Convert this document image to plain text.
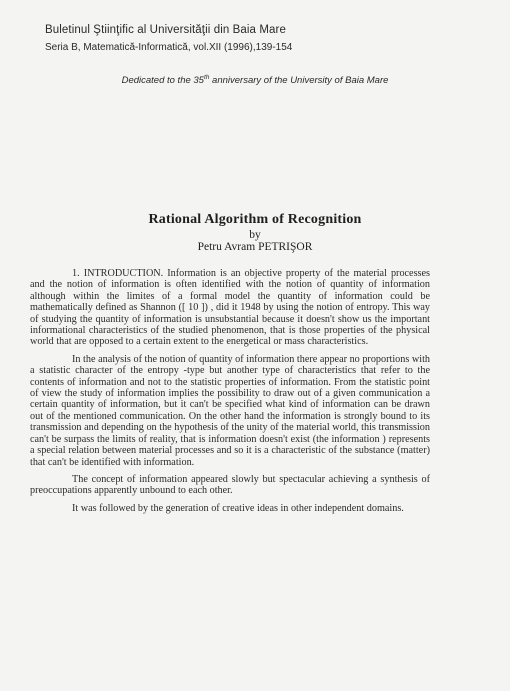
Buletinul Ştiinţific al Universităţii din Baia Mare
Seria B, Matematică-Informatică, vol.XII (1996),139-154
Dedicated to the 35th anniversary of the University of Baia Mare
Rational Algorithm of Recognition
by
Petru Avram PETRIŞOR

1. INTRODUCTION. Information is an objective property of the material processes and the notion of information is often identified with the notion of quantity of information although within the limites of a formal model the quantity of information could be mathematically defined as Shannon ([ 10 ]) , did it 1948 by using the notion of entropy. This way of studying the quantity of information is unsubstantial because it doesn't show us the important informational characteristics of the studied phenomenon, that is those properties of the physical world that are opposed to a certain extent to the energetical or mass characteristics.

In the analysis of the notion of quantity of information there appear no proportions with a statistic character of the entropy -type but another type of characteristics that refer to the contents of information and not to the statistic properties of information. From the statistic point of view the study of information implies the possibility to draw out of a given communication a certain quantity of information, but it can't be specified what kind of information can be drawn out of the mentioned communication. On the other hand the information is strongly bound to its transmission and depending on the hypothesis of the unity of the material world, this transmission can't be surpass the limits of reality, that is information doesn't exist (the information ) represents a special relation between material processes and so it is a characteristic of the substance (matter) that can't be identified with information.

The concept of information appeared slowly but spectacular achieving a synthesis of preoccupations apparently unbound to each other.

It was followed by the generation of creative ideas in other independent domains.
